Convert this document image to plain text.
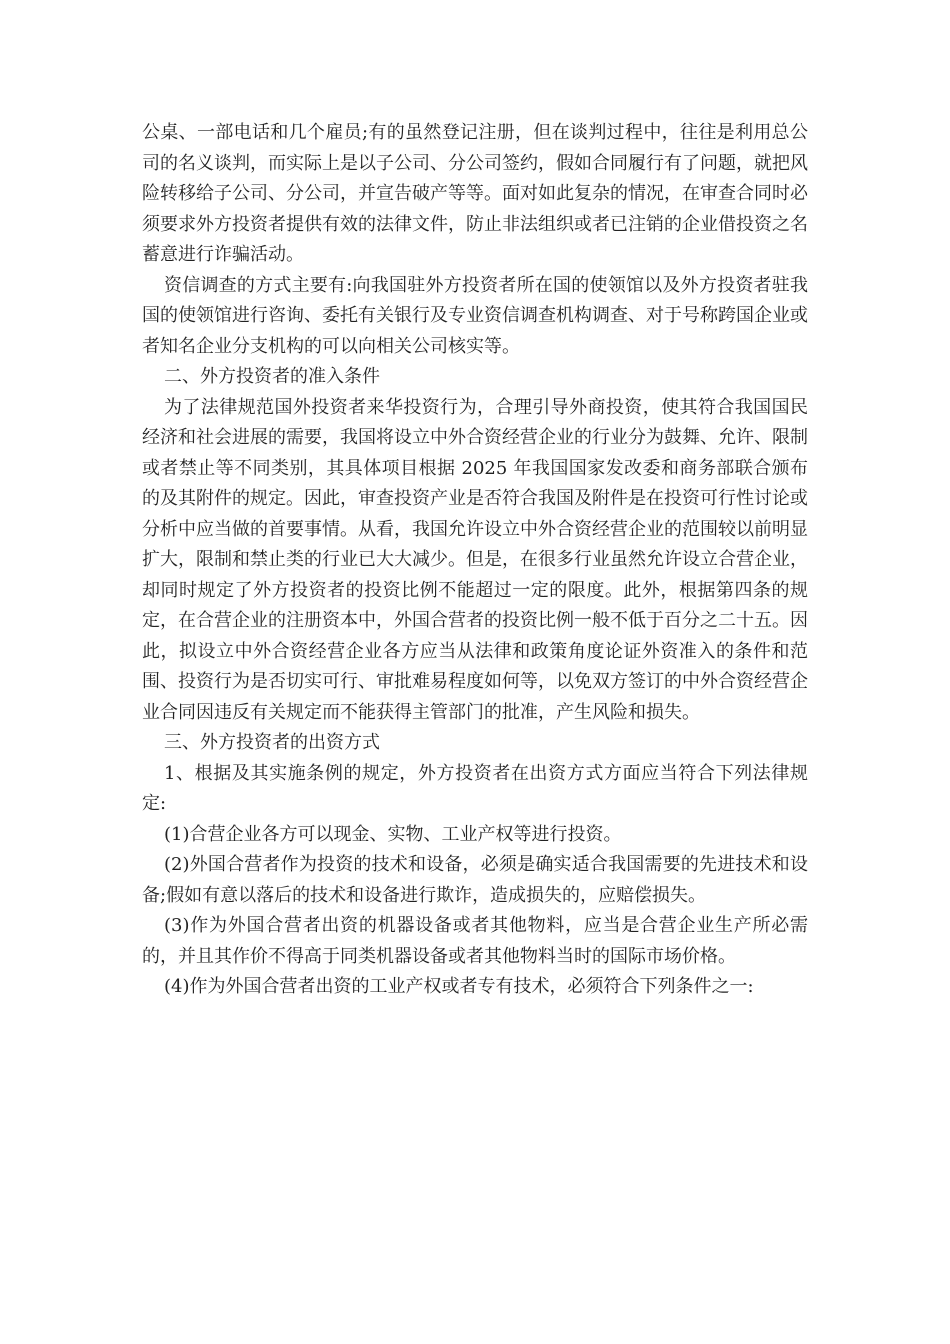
公桌、一部电话和几个雇员;有的虽然登记注册，但在谈判过程中，往往是利用总公司的名义谈判，而实际上是以子公司、分公司签约，假如合同履行有了问题，就把风险转移给子公司、分公司，并宣告破产等等。面对如此复杂的情况，在审查合同时必须要求外方投资者提供有效的法律文件，防止非法组织或者已注销的企业借投资之名蓄意进行诈骗活动。

资信调查的方式主要有:向我国驻外方投资者所在国的使领馆以及外方投资者驻我国的使领馆进行咨询、委托有关银行及专业资信调查机构调查、对于号称跨国企业或者知名企业分支机构的可以向相关公司核实等。

二、外方投资者的准入条件

为了法律规范国外投资者来华投资行为，合理引导外商投资，使其符合我国国民经济和社会进展的需要，我国将设立中外合资经营企业的行业分为鼓舞、允许、限制或者禁止等不同类别，其具体项目根据 2025 年我国国家发改委和商务部联合颁布的及其附件的规定。因此，审查投资产业是否符合我国及附件是在投资可行性讨论或分析中应当做的首要事情。从看，我国允许设立中外合资经营企业的范围较以前明显扩大，限制和禁止类的行业已大大减少。但是，在很多行业虽然允许设立合营企业，却同时规定了外方投资者的投资比例不能超过一定的限度。此外，根据第四条的规定，在合营企业的注册资本中，外国合营者的投资比例一般不低于百分之二十五。因此，拟设立中外合资经营企业各方应当从法律和政策角度论证外资准入的条件和范围、投资行为是否切实可行、审批难易程度如何等，以免双方签订的中外合资经营企业合同因违反有关规定而不能获得主管部门的批准，产生风险和损失。

三、外方投资者的出资方式

1、根据及其实施条例的规定，外方投资者在出资方式方面应当符合下列法律规定:

(1)合营企业各方可以现金、实物、工业产权等进行投资。

(2)外国合营者作为投资的技术和设备，必须是确实适合我国需要的先进技术和设备;假如有意以落后的技术和设备进行欺诈，造成损失的，应赔偿损失。

(3)作为外国合营者出资的机器设备或者其他物料，应当是合营企业生产所必需的，并且其作价不得高于同类机器设备或者其他物料当时的国际市场价格。

(4)作为外国合营者出资的工业产权或者专有技术，必须符合下列条件之一:
